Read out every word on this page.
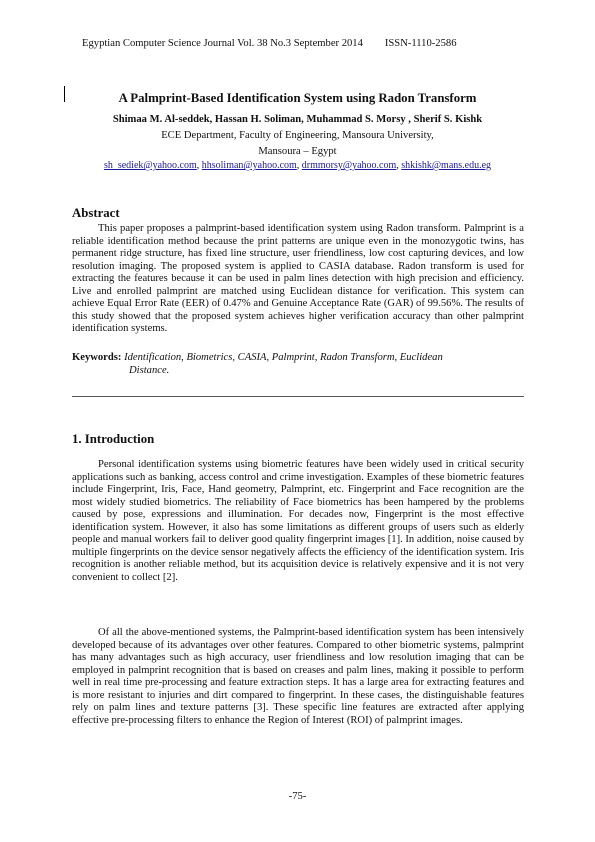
Egyptian Computer Science Journal Vol. 38 No.3 September 2014 ISSN-1110-2586
A Palmprint-Based Identification System using Radon Transform
Shimaa M. Al-seddek, Hassan H. Soliman, Muhammad S. Morsy , Sherif S. Kishk
ECE Department, Faculty of Engineering, Mansoura University,
Mansoura – Egypt
sh_sediek@yahoo.com, hhsoliman@yahoo.com, drmmorsy@yahoo.com, shkishk@mans.edu.eg
Abstract

This paper proposes a palmprint-based identification system using Radon transform. Palmprint is a reliable identification method because the print patterns are unique even in the monozygotic twins, has permanent ridge structure, has fixed line structure, user friendliness, low cost capturing devices, and low resolution imaging. The proposed system is applied to CASIA database. Radon transform is used for extracting the features because it can be used in palm lines detection with high precision and efficiency. Live and enrolled palmprint are matched using Euclidean distance for verification. This system can achieve Equal Error Rate (EER) of 0.47% and Genuine Acceptance Rate (GAR) of 99.56%. The results of this study showed that the proposed system achieves higher verification accuracy than other palmprint identification systems.

Keywords: Identification, Biometrics, CASIA, Palmprint, Radon Transform, Euclidean
Distance.
1. Introduction

Personal identification systems using biometric features have been widely used in critical security applications such as banking, access control and crime investigation. Examples of these biometric features include Fingerprint, Iris, Face, Hand geometry, Palmprint, etc. Fingerprint and Face recognition are the most widely studied biometrics. The reliability of Face biometrics has been hampered by the problems caused by pose, expressions and illumination. For decades now, Fingerprint is the most effective identification system. However, it also has some limitations as different groups of users such as elderly people and manual workers fail to deliver good quality fingerprint images [1]. In addition, noise caused by multiple fingerprints on the device sensor negatively affects the efficiency of the identification system. Iris recognition is another reliable method, but its acquisition device is relatively expensive and it is not very convenient to collect [2].

Of all the above-mentioned systems, the Palmprint-based identification system has been intensively developed because of its advantages over other features. Compared to other biometric systems, palmprint has many advantages such as high accuracy, user friendliness and low resolution imaging that can be employed in palmprint recognition that is based on creases and palm lines, making it possible to perform well in real time pre-processing and feature extraction steps. It has a large area for extracting features and is more resistant to injuries and dirt compared to fingerprint. In these cases, the distinguishable features rely on palm lines and texture patterns [3]. These specific line features are extracted after applying effective pre-processing filters to enhance the Region of Interest (ROI) of palmprint images.

-75-
